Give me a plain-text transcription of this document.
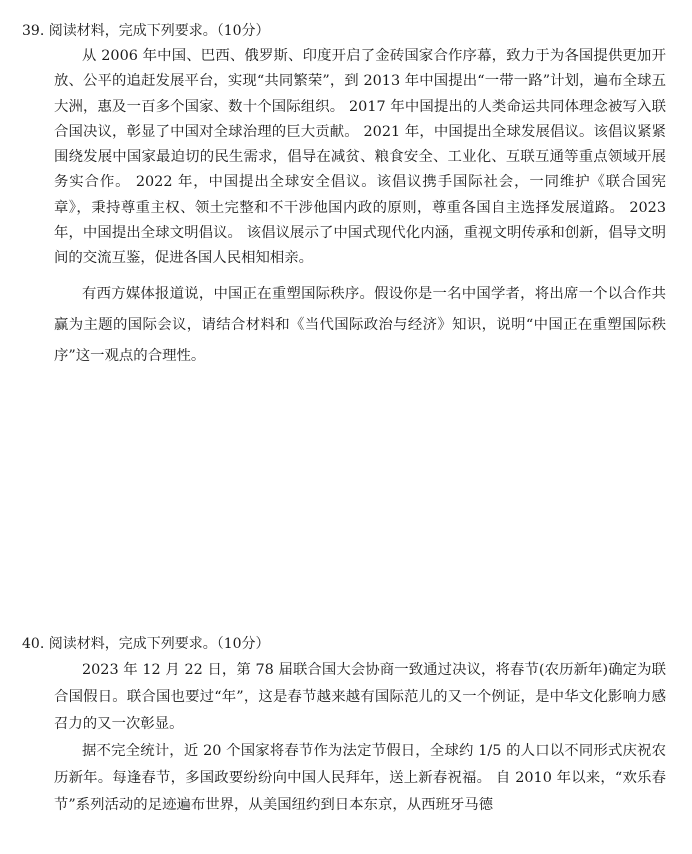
39. 阅读材料，完成下列要求。（10分）

从 2006 年中国、巴西、俄罗斯、印度开启了金砖国家合作序幕，致力于为各国提供更加开放、公平的追赶发展平台，实现“共同繁荣”，到 2013 年中国提出“一带一路”计划，遍布全球五大洲，惠及一百多个国家、数十个国际组织。 2017 年中国提出的人类命运共同体理念被写入联合国决议，彰显了中国对全球治理的巨大贡献。 2021 年，中国提出全球发展倡议。该倡议紧紧围绕发展中国家最迫切的民生需求，倡导在减贫、粮食安全、工业化、互联互通等重点领域开展务实合作。 2022 年，中国提出全球安全倡议。该倡议携手国际社会，一同维护《联合国宪章》，秉持尊重主权、领土完整和不干涉他国内政的原则，尊重各国自主选择发展道路。 2023 年，中国提出全球文明倡议。 该倡议展示了中国式现代化内涵，重视文明传承和创新，倡导文明间的交流互鉴，促进各国人民相知相亲。

有西方媒体报道说，中国正在重塑国际秩序。假设你是一名中国学者，将出席一个以合作共赢为主题的国际会议，请结合材料和《当代国际政治与经济》知识，说明“中国正在重塑国际秩序”这一观点的合理性。

40. 阅读材料，完成下列要求。（10分）

2023 年 12 月 22 日，第 78 届联合国大会协商一致通过决议，将春节(农历新年)确定为联合国假日。联合国也要过“年”，这是春节越来越有国际范儿的又一个例证，是中华文化影响力感召力的又一次彰显。

据不完全统计，近 20 个国家将春节作为法定节假日，全球约 1/5 的人口以不同形式庆祝农历新年。每逢春节，多国政要纷纷向中国人民拜年，送上新春祝福。 自 2010 年以来，“欢乐春节”系列活动的足迹遍布世界，从美国纽约到日本东京，从西班牙马德
